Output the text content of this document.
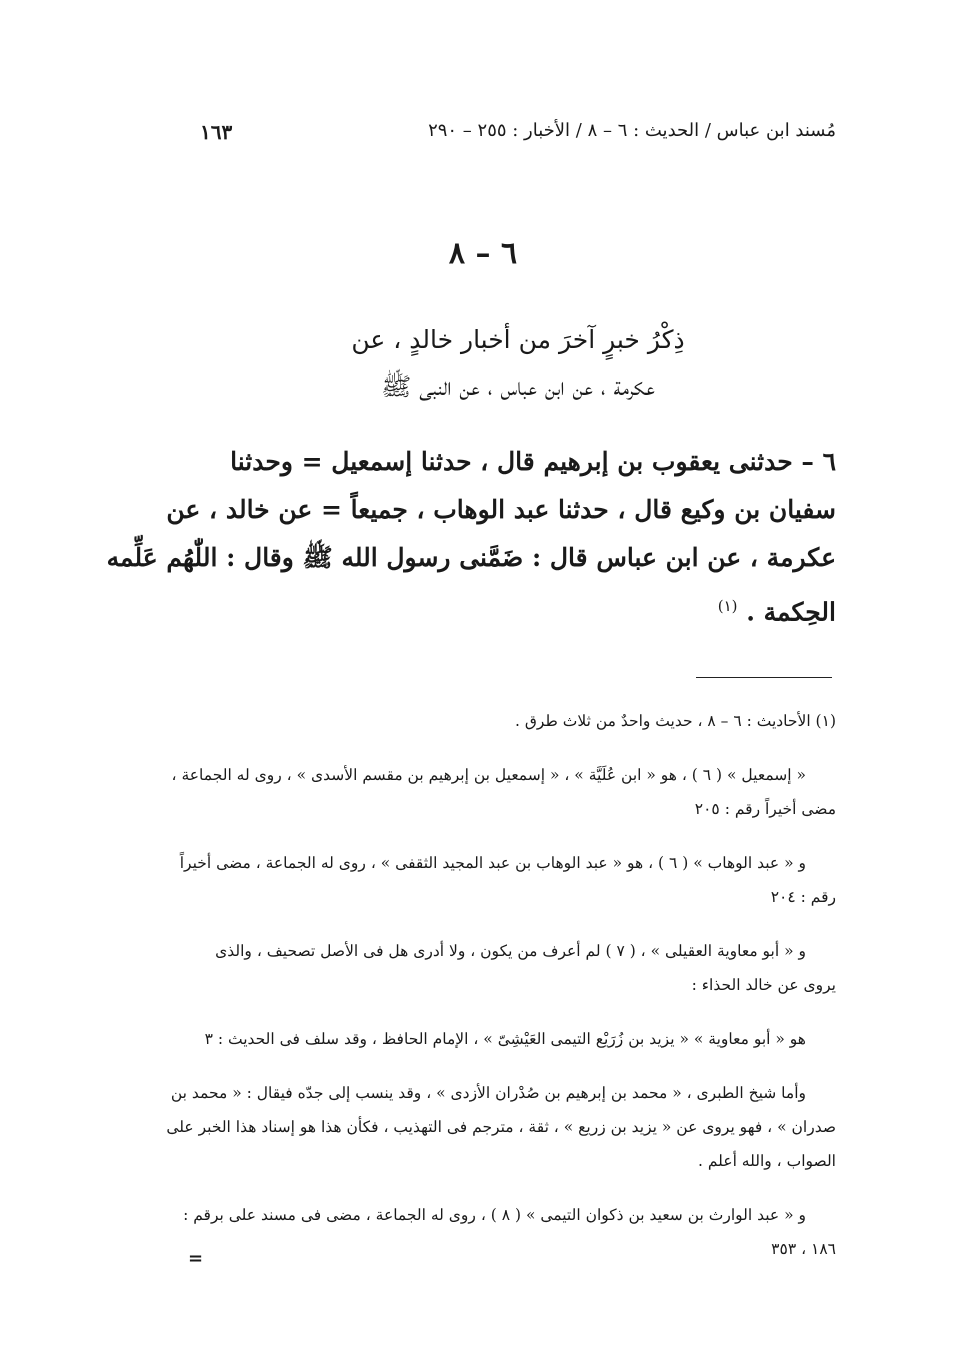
مُسند ابن عباس / الحديث : ٦ – ٨ / الأخبار : ٢٥٥ – ٢٩٠
١٦٣
٦ – ٨
ذِكْرُ خبرٍ آخرَ من أخبار خالدٍ ، عن
عكرمة ، عن ابن عباس ، عن النبى ﷺ
٦ – حدثنى يعقوب بن إبرهيم قال ، حدثنا إسمعيل = وحدثنا
سفيان بن وكيع قال ، حدثنا عبد الوهاب ، جميعاً = عن خالد ، عن
عكرمة ، عن ابن عباس قال : ضَمَّنى رسول الله ﷺ وقال : اللّٰهُم عَلِّمه
الحِكمة . $^{(١)}$
(١) الأحاديث : ٦ – ٨ ، حديث واحدٌ من ثلاث طرق .
« إسمعيل » ( ٦ ) ، هو « ابن عُلَيَّة » ، « إسمعيل بن إبرهيم بن مقسم الأسدى » ، روى له الجماعة ،
مضى أخيراً رقم : ٢٠٥
و « عبد الوهاب » ( ٦ ) ، هو « عبد الوهاب بن عبد المجيد الثقفى » ، روى له الجماعة ، مضى أخيراً
رقم : ٢٠٤
و « أبو معاوية العقيلى » ، ( ٧ ) لم أعرف من يكون ، ولا أدرى هل فى الأصل تصحيف ، والذى
يروى عن خالد الحذاء :
هو « أبو معاوية » « يزيد بن زُرَيْع التيمى العَيْشِىّ » ، الإمام الحافظ ، وقد سلف فى الحديث : ٣
وأما شيخ الطبرى ، « محمد بن إبرهيم بن صُدْران الأزدى » ، وقد ينسب إلى جدّه فيقال : « محمد بن
صدران » ، فهو يروى عن « يزيد بن زريع » ، ثقة ، مترجم فى التهذيب ، فكأن هذا هو إسناد هذا الخبر على
الصواب ، والله أعلم .
و « عبد الوارث بن سعيد بن ذكوان التيمى » ( ٨ ) ، روى له الجماعة ، مضى فى مسند على برقم :
١٨٦ ، ٣٥٣
=
